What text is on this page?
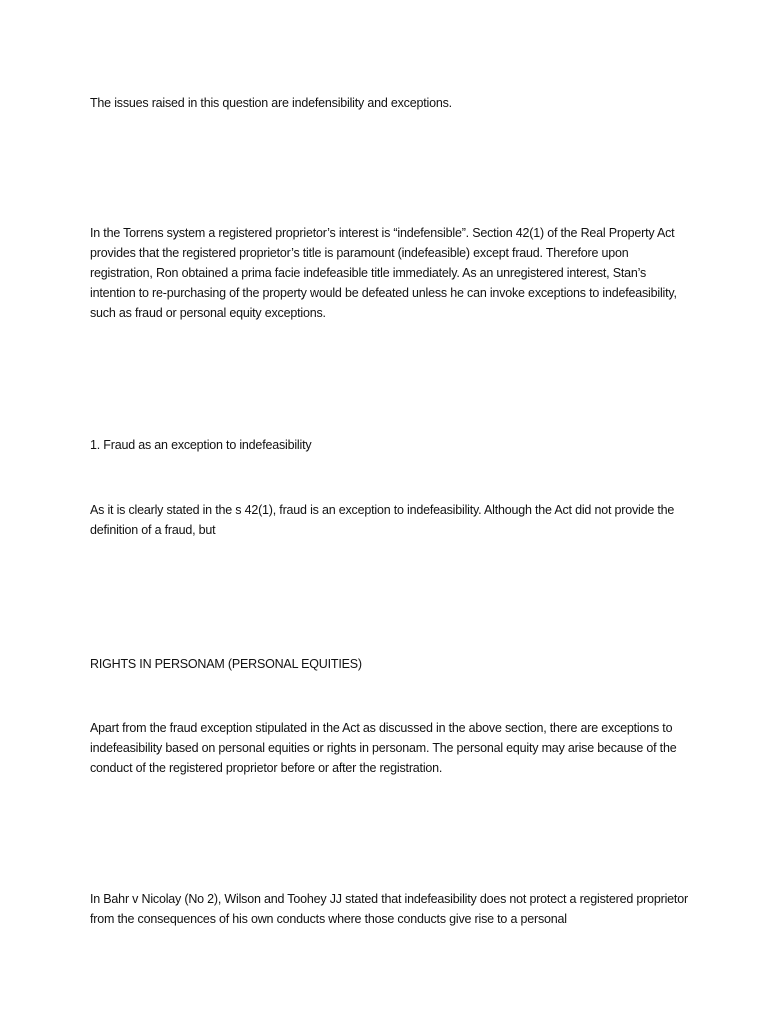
The issues raised in this question are indefensibility and exceptions.

In the Torrens system a registered proprietor’s interest is “indefensible”. Section 42(1) of the Real Property Act provides that the registered proprietor’s title is paramount (indefeasible) except fraud. Therefore upon registration, Ron obtained a prima facie indefeasible title immediately. As an unregistered interest, Stan’s intention to re-purchasing of the property would be defeated unless he can invoke exceptions to indefeasibility, such as fraud or personal equity exceptions.

1. Fraud as an exception to indefeasibility

As it is clearly stated in the s 42(1), fraud is an exception to indefeasibility. Although the Act did not provide the definition of a fraud, but

RIGHTS IN PERSONAM (PERSONAL EQUITIES)

Apart from the fraud exception stipulated in the Act as discussed in the above section, there are exceptions to indefeasibility based on personal equities or rights in personam. The personal equity may arise because of the conduct of the registered proprietor before or after the registration.

In Bahr v Nicolay (No 2), Wilson and Toohey JJ stated that indefeasibility does not protect a registered proprietor from the consequences of his own conducts where those conducts give rise to a personal
